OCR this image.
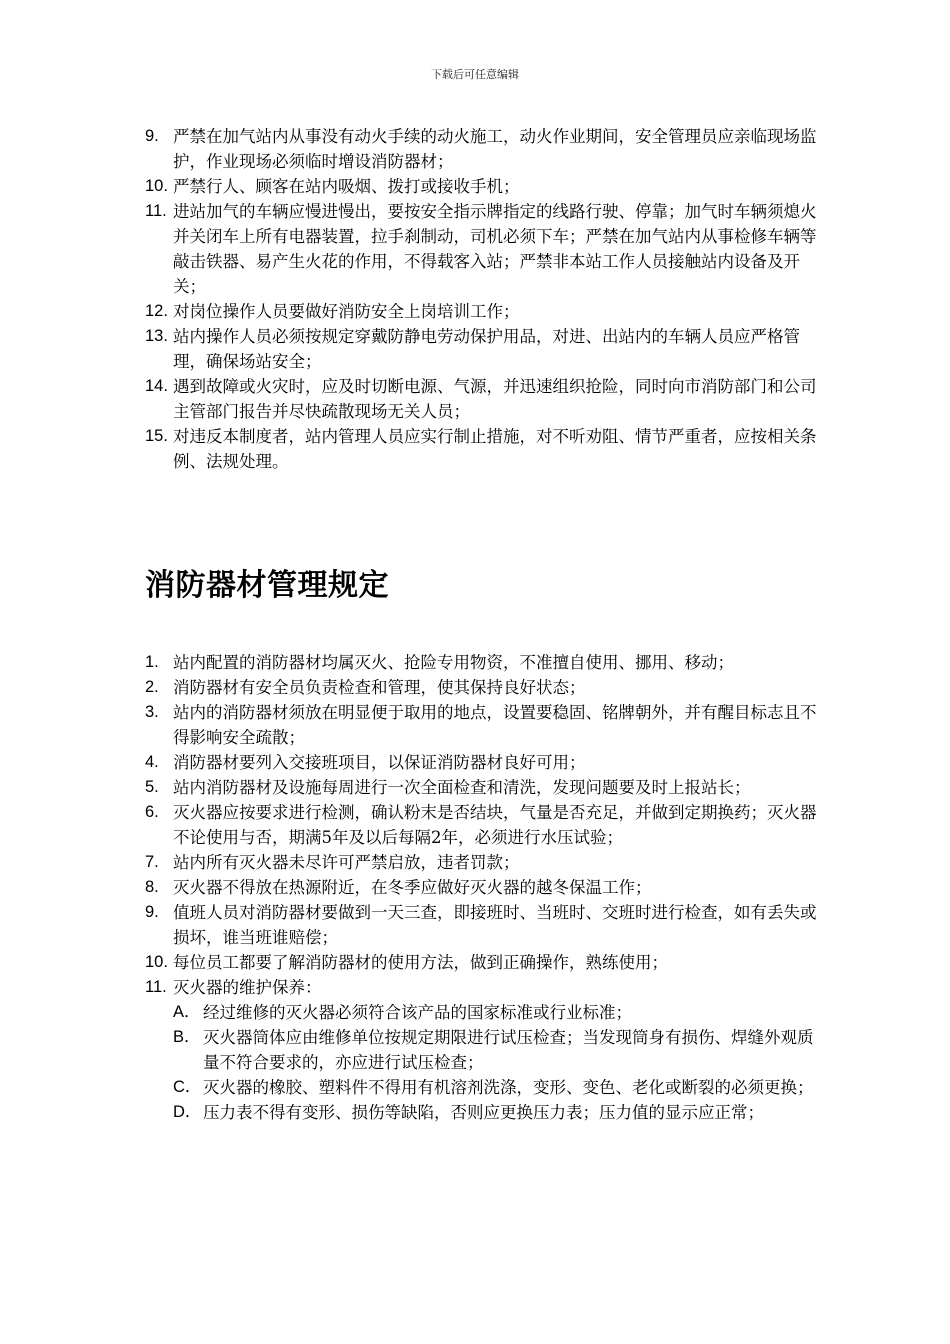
下载后可任意编辑
9. 严禁在加气站内从事没有动火手续的动火施工，动火作业期间，安全管理员应亲临现场监护，作业现场必须临时增设消防器材；
10. 严禁行人、顾客在站内吸烟、拨打或接收手机；
11. 进站加气的车辆应慢进慢出，要按安全指示牌指定的线路行驶、停靠；加气时车辆须熄火并关闭车上所有电器装置，拉手刹制动，司机必须下车；严禁在加气站内从事检修车辆等敲击铁器、易产生火花的作用，不得载客入站；严禁非本站工作人员接触站内设备及开关；
12. 对岗位操作人员要做好消防安全上岗培训工作；
13. 站内操作人员必须按规定穿戴防静电劳动保护用品，对进、出站内的车辆人员应严格管理，确保场站安全；
14. 遇到故障或火灾时，应及时切断电源、气源，并迅速组织抢险，同时向市消防部门和公司主管部门报告并尽快疏散现场无关人员；
15. 对违反本制度者，站内管理人员应实行制止措施，对不听劝阻、情节严重者，应按相关条例、法规处理。
消防器材管理规定
1. 站内配置的消防器材均属灭火、抢险专用物资，不准擅自使用、挪用、移动；
2. 消防器材有安全员负责检查和管理，使其保持良好状态；
3. 站内的消防器材须放在明显便于取用的地点，设置要稳固、铭牌朝外，并有醒目标志且不得影响安全疏散；
4. 消防器材要列入交接班项目，以保证消防器材良好可用；
5. 站内消防器材及设施每周进行一次全面检查和清洗，发现问题要及时上报站长；
6. 灭火器应按要求进行检测，确认粉末是否结块，气量是否充足，并做到定期换药；灭火器不论使用与否，期满5年及以后每隔2年，必须进行水压试验；
7. 站内所有灭火器未尽许可严禁启放，违者罚款；
8. 灭火器不得放在热源附近，在冬季应做好灭火器的越冬保温工作；
9. 值班人员对消防器材要做到一天三查，即接班时、当班时、交班时进行检查，如有丢失或损坏，谁当班谁赔偿；
10. 每位员工都要了解消防器材的使用方法，做到正确操作，熟练使用；
11. 灭火器的维护保养：
A． 经过维修的灭火器必须符合该产品的国家标准或行业标准；
B． 灭火器筒体应由维修单位按规定期限进行试压检查；当发现筒身有损伤、焊缝外观质量不符合要求的，亦应进行试压检查；
C． 灭火器的橡胶、塑料件不得用有机溶剂洗涤，变形、变色、老化或断裂的必须更换；
D． 压力表不得有变形、损伤等缺陷，否则应更换压力表；压力值的显示应正常；
